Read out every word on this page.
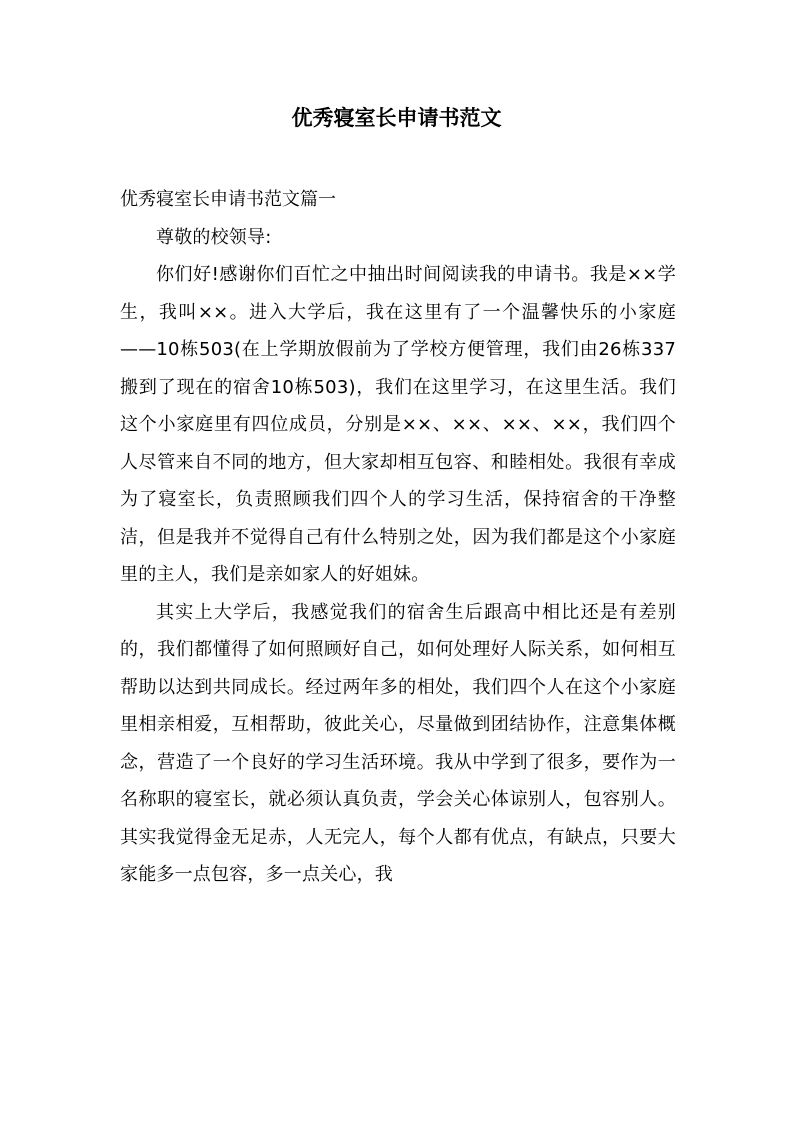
优秀寝室长申请书范文

优秀寝室长申请书范文篇一

尊敬的校领导:

你们好!感谢你们百忙之中抽出时间阅读我的申请书。我是××学生，我叫××。进入大学后，我在这里有了一个温馨快乐的小家庭——10栋503(在上学期放假前为了学校方便管理，我们由26栋337搬到了现在的宿舍10栋503)，我们在这里学习，在这里生活。我们这个小家庭里有四位成员，分别是××、××、××、××，我们四个人尽管来自不同的地方，但大家却相互包容、和睦相处。我很有幸成为了寝室长，负责照顾我们四个人的学习生活，保持宿舍的干净整洁，但是我并不觉得自己有什么特别之处，因为我们都是这个小家庭里的主人，我们是亲如家人的好姐妹。

其实上大学后，我感觉我们的宿舍生后跟高中相比还是有差别的，我们都懂得了如何照顾好自己，如何处理好人际关系，如何相互帮助以达到共同成长。经过两年多的相处，我们四个人在这个小家庭里相亲相爱，互相帮助，彼此关心，尽量做到团结协作，注意集体概念，营造了一个良好的学习生活环境。我从中学到了很多，要作为一名称职的寝室长，就必须认真负责，学会关心体谅别人，包容别人。其实我觉得金无足赤，人无完人，每个人都有优点，有缺点，只要大家能多一点包容，多一点关心，我
